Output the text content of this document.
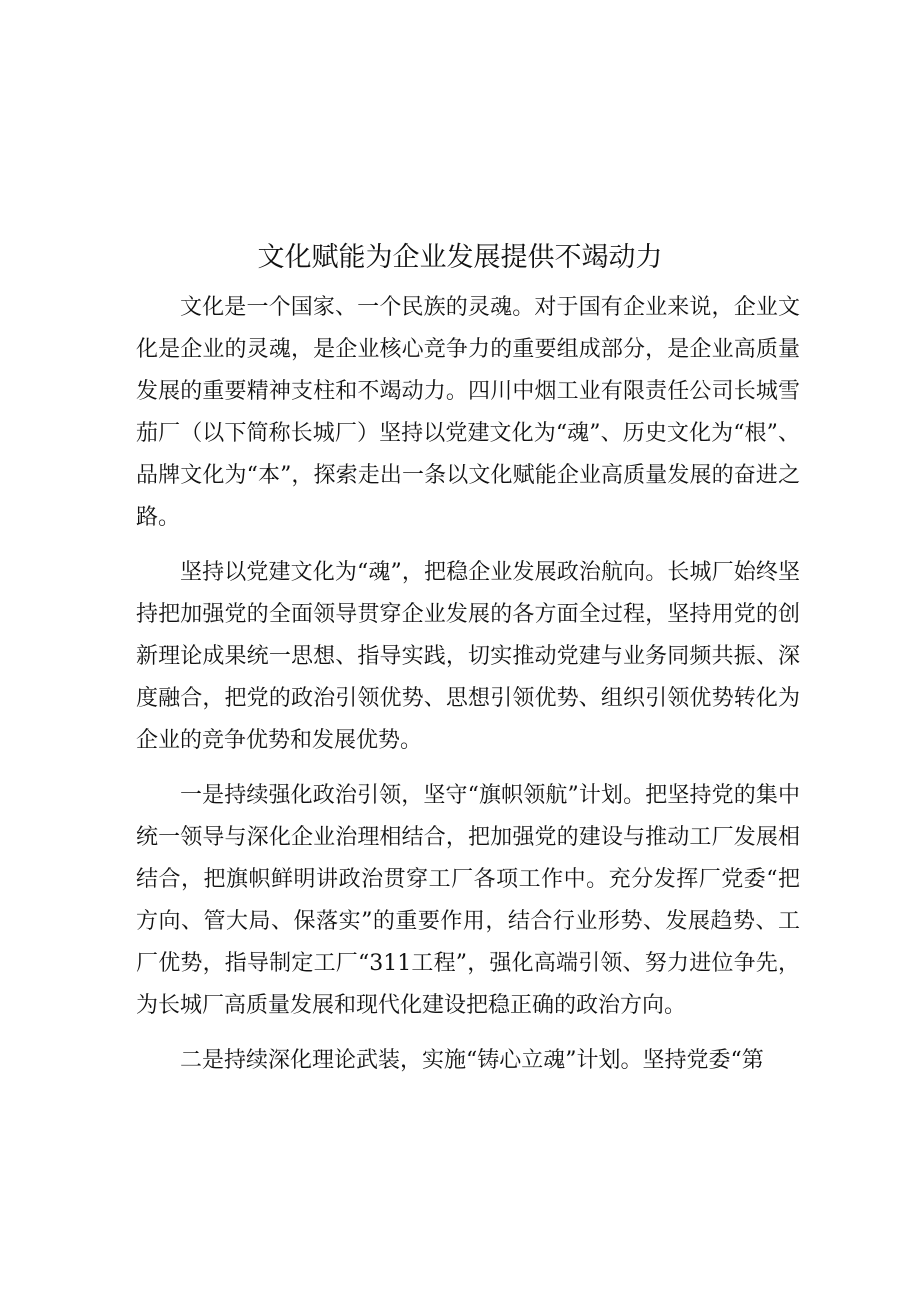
文化赋能为企业发展提供不竭动力

文化是一个国家、一个民族的灵魂。对于国有企业来说，企业文化是企业的灵魂，是企业核心竞争力的重要组成部分，是企业高质量发展的重要精神支柱和不竭动力。四川中烟工业有限责任公司长城雪茄厂（以下简称长城厂）坚持以党建文化为“魂”、历史文化为“根”、品牌文化为“本”，探索走出一条以文化赋能企业高质量发展的奋进之路。

坚持以党建文化为“魂”，把稳企业发展政治航向。长城厂始终坚持把加强党的全面领导贯穿企业发展的各方面全过程，坚持用党的创新理论成果统一思想、指导实践，切实推动党建与业务同频共振、深度融合，把党的政治引领优势、思想引领优势、组织引领优势转化为企业的竞争优势和发展优势。

一是持续强化政治引领，坚守“旗帜领航”计划。把坚持党的集中统一领导与深化企业治理相结合，把加强党的建设与推动工厂发展相结合，把旗帜鲜明讲政治贯穿工厂各项工作中。充分发挥厂党委“把方向、管大局、保落实”的重要作用，结合行业形势、发展趋势、工厂优势，指导制定工厂“311工程”，强化高端引领、努力进位争先，为长城厂高质量发展和现代化建设把稳正确的政治方向。

二是持续深化理论武装，实施“铸心立魂”计划。坚持党委“第
